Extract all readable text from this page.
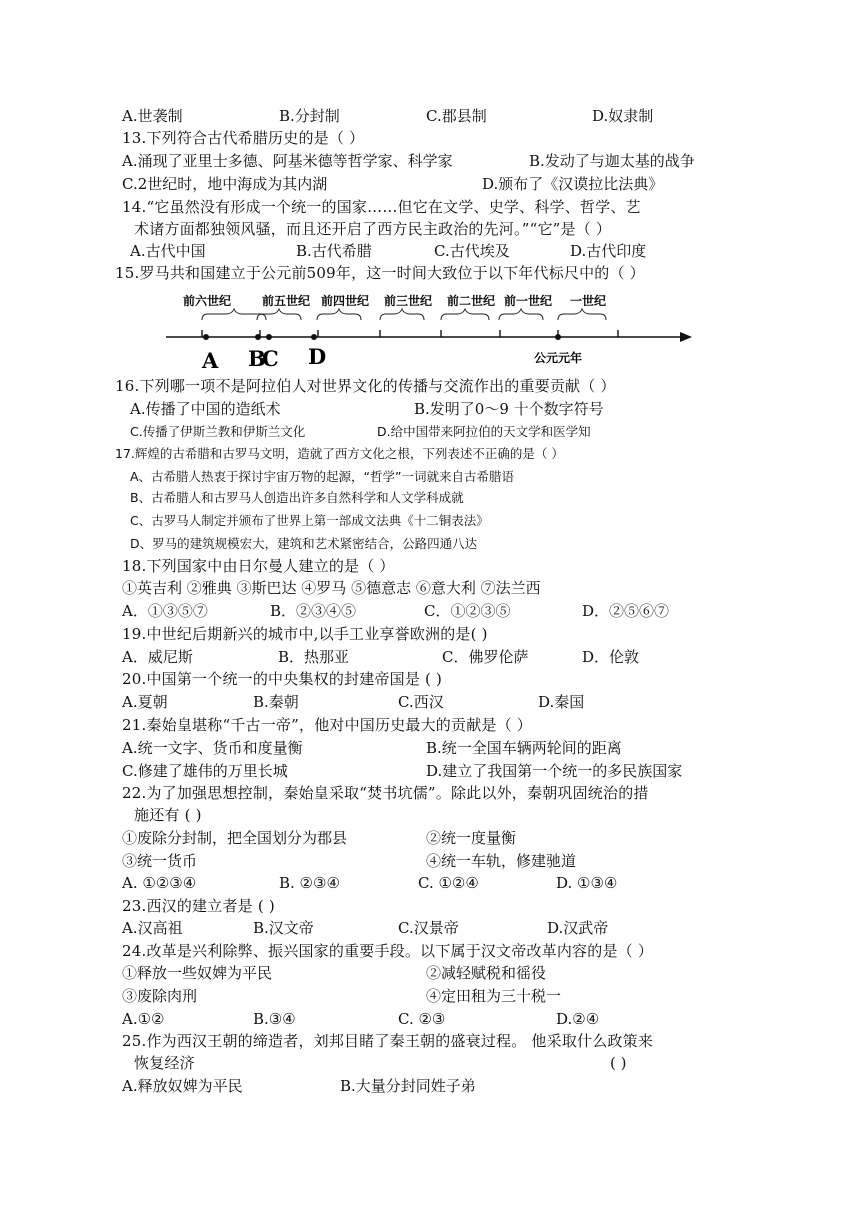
A.世袭制	B.分封制	C.郡县制	D.奴隶制
13.下列符合古代希腊历史的是（ ）
A.涌现了亚里士多德、阿基米德等哲学家、科学家	B.发动了与迦太基的战争
C.2世纪时，地中海成为其内湖	D.颁布了《汉谟拉比法典》
14.“它虽然没有形成一个统一的国家……但它在文学、史学、科学、哲学、艺
术诸方面都独领风骚，而且还开启了西方民主政治的先河。”“它”是（ ）
A.古代中国	B.古代希腊	C.古代埃及	D.古代印度
15.罗马共和国建立于公元前509年，这一时间大致位于以下年代标尺中的（ ）
前六世纪	前五世纪 前四世纪 前三世纪 前二世纪 前一世纪 一世纪
A B
C D	公元元年
16.下列哪一项不是阿拉伯人对世界文化的传播与交流作出的重要贡献（ ）
A.传播了中国的造纸术	B.发明了0～9 十个数字符号
C.传播了伊斯兰教和伊斯兰文化	D.给中国带来阿拉伯的天文学和医学知
17.辉煌的古希腊和古罗马文明，造就了西方文化之根，下列表述不正确的是（ ）
A、古希腊人热衷于探讨宇宙万物的起源，“哲学”一词就来自古希腊语
B、古希腊人和古罗马人创造出许多自然科学和人文学科成就
C、古罗马人制定并颁布了世界上第一部成文法典《十二铜表法》
D、罗马的建筑规模宏大，建筑和艺术紧密结合，公路四通八达
18.下列国家中由日尔曼人建立的是（ ）
①英吉利 ②雅典 ③斯巴达 ④罗马 ⑤德意志 ⑥意大利 ⑦法兰西
A．①③⑤⑦	B．②③④⑤	C．①②③⑤	D．②⑤⑥⑦
19.中世纪后期新兴的城市中,以手工业享誉欧洲的是( )
A．威尼斯	B．热那亚	C．佛罗伦萨	D．伦敦
20.中国第一个统一的中央集权的封建帝国是 ( )
A.夏朝	B.秦朝	C.西汉	D.秦国
21.秦始皇堪称“千古一帝”，他对中国历史最大的贡献是（ ）
A.统一文字、货币和度量衡	B.统一全国车辆两轮间的距离
C.修建了雄伟的万里长城	D.建立了我国第一个统一的多民族国家
22.为了加强思想控制，秦始皇采取“焚书坑儒”。除此以外，秦朝巩固统治的措
施还有 ( )
①废除分封制，把全国划分为郡县	②统一度量衡
③统一货币	④统一车轨，修建驰道
A. ①②③④	B. ②③④	C. ①②④	D. ①③④
23.西汉的建立者是 ( )
A.汉高祖	B.汉文帝	C.汉景帝	D.汉武帝
24.改革是兴利除弊、振兴国家的重要手段。以下属于汉文帝改革内容的是（ ）
①释放一些奴婢为平民	②减轻赋税和徭役
③废除肉刑	④定田租为三十税一
A.①②	B.③④	C. ②③	D.②④
25.作为西汉王朝的缔造者，刘邦目睹了秦王朝的盛衰过程。 他采取什么政策来
恢复经济	( )
A.释放奴婢为平民	B.大量分封同姓子弟
